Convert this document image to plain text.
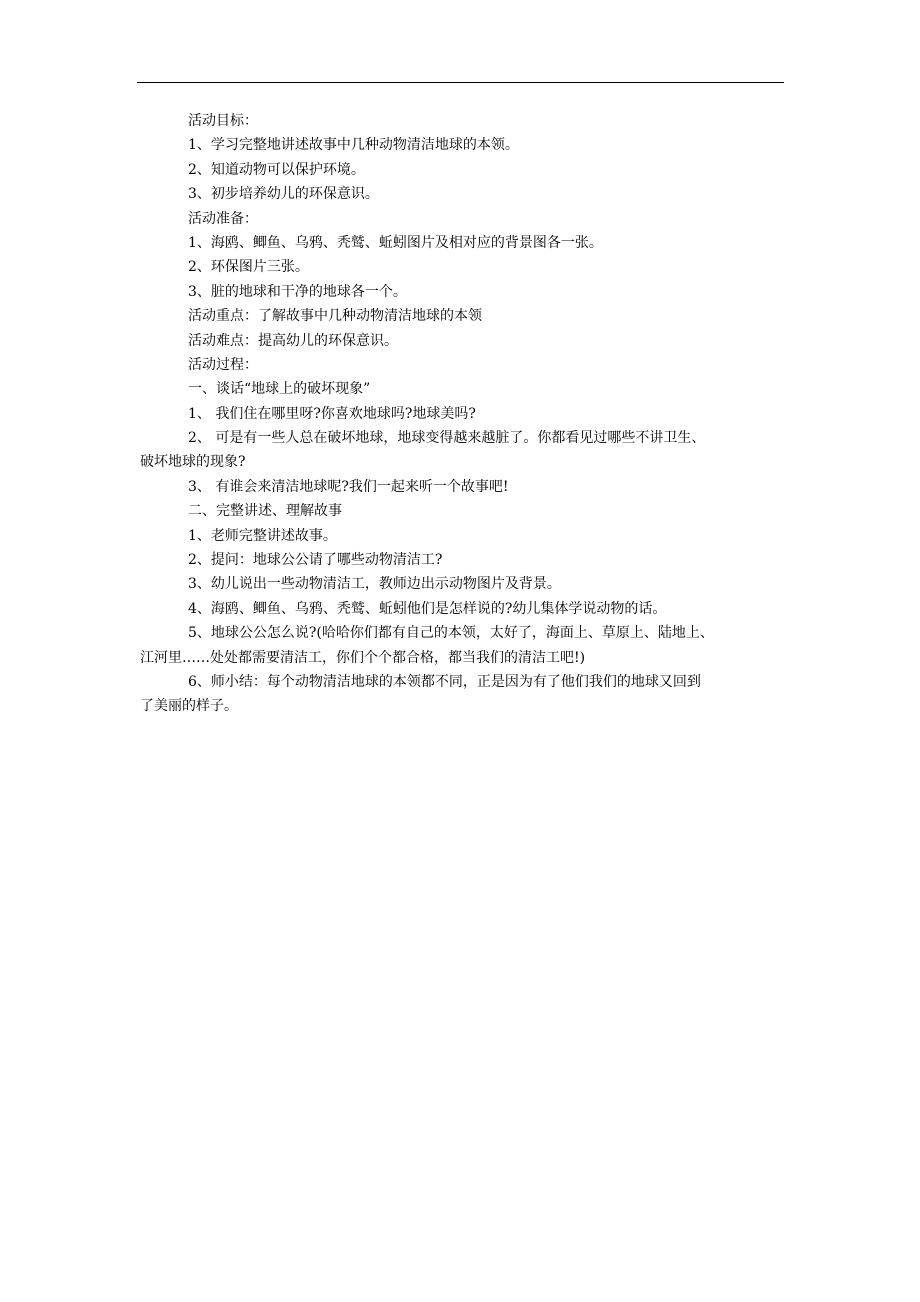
活动目标：

1、学习完整地讲述故事中几种动物清洁地球的本领。

2、知道动物可以保护环境。

3、初步培养幼儿的环保意识。

活动准备：

1、海鸥、鲫鱼、乌鸦、秃鹫、蚯蚓图片及相对应的背景图各一张。

2、环保图片三张。

3、脏的地球和干净的地球各一个。

活动重点：了解故事中几种动物清洁地球的本领

活动难点：提高幼儿的环保意识。

活动过程：

一、谈话“地球上的破坏现象”

1、 我们住在哪里呀?你喜欢地球吗?地球美吗?

2、 可是有一些人总在破坏地球，地球变得越来越脏了。你都看见过哪些不讲卫生、

破坏地球的现象?

3、 有谁会来清洁地球呢?我们一起来听一个故事吧!

二、完整讲述、理解故事

1、老师完整讲述故事。

2、提问：地球公公请了哪些动物清洁工?

3、幼儿说出一些动物清洁工，教师边出示动物图片及背景。

4、海鸥、鲫鱼、乌鸦、秃鹫、蚯蚓他们是怎样说的?幼儿集体学说动物的话。

5、地球公公怎么说?(哈哈你们都有自己的本领，太好了，海面上、草原上、陆地上、

江河里……处处都需要清洁工，你们个个都合格，都当我们的清洁工吧!)

6、师小结：每个动物清洁地球的本领都不同，正是因为有了他们我们的地球又回到

了美丽的样子。
